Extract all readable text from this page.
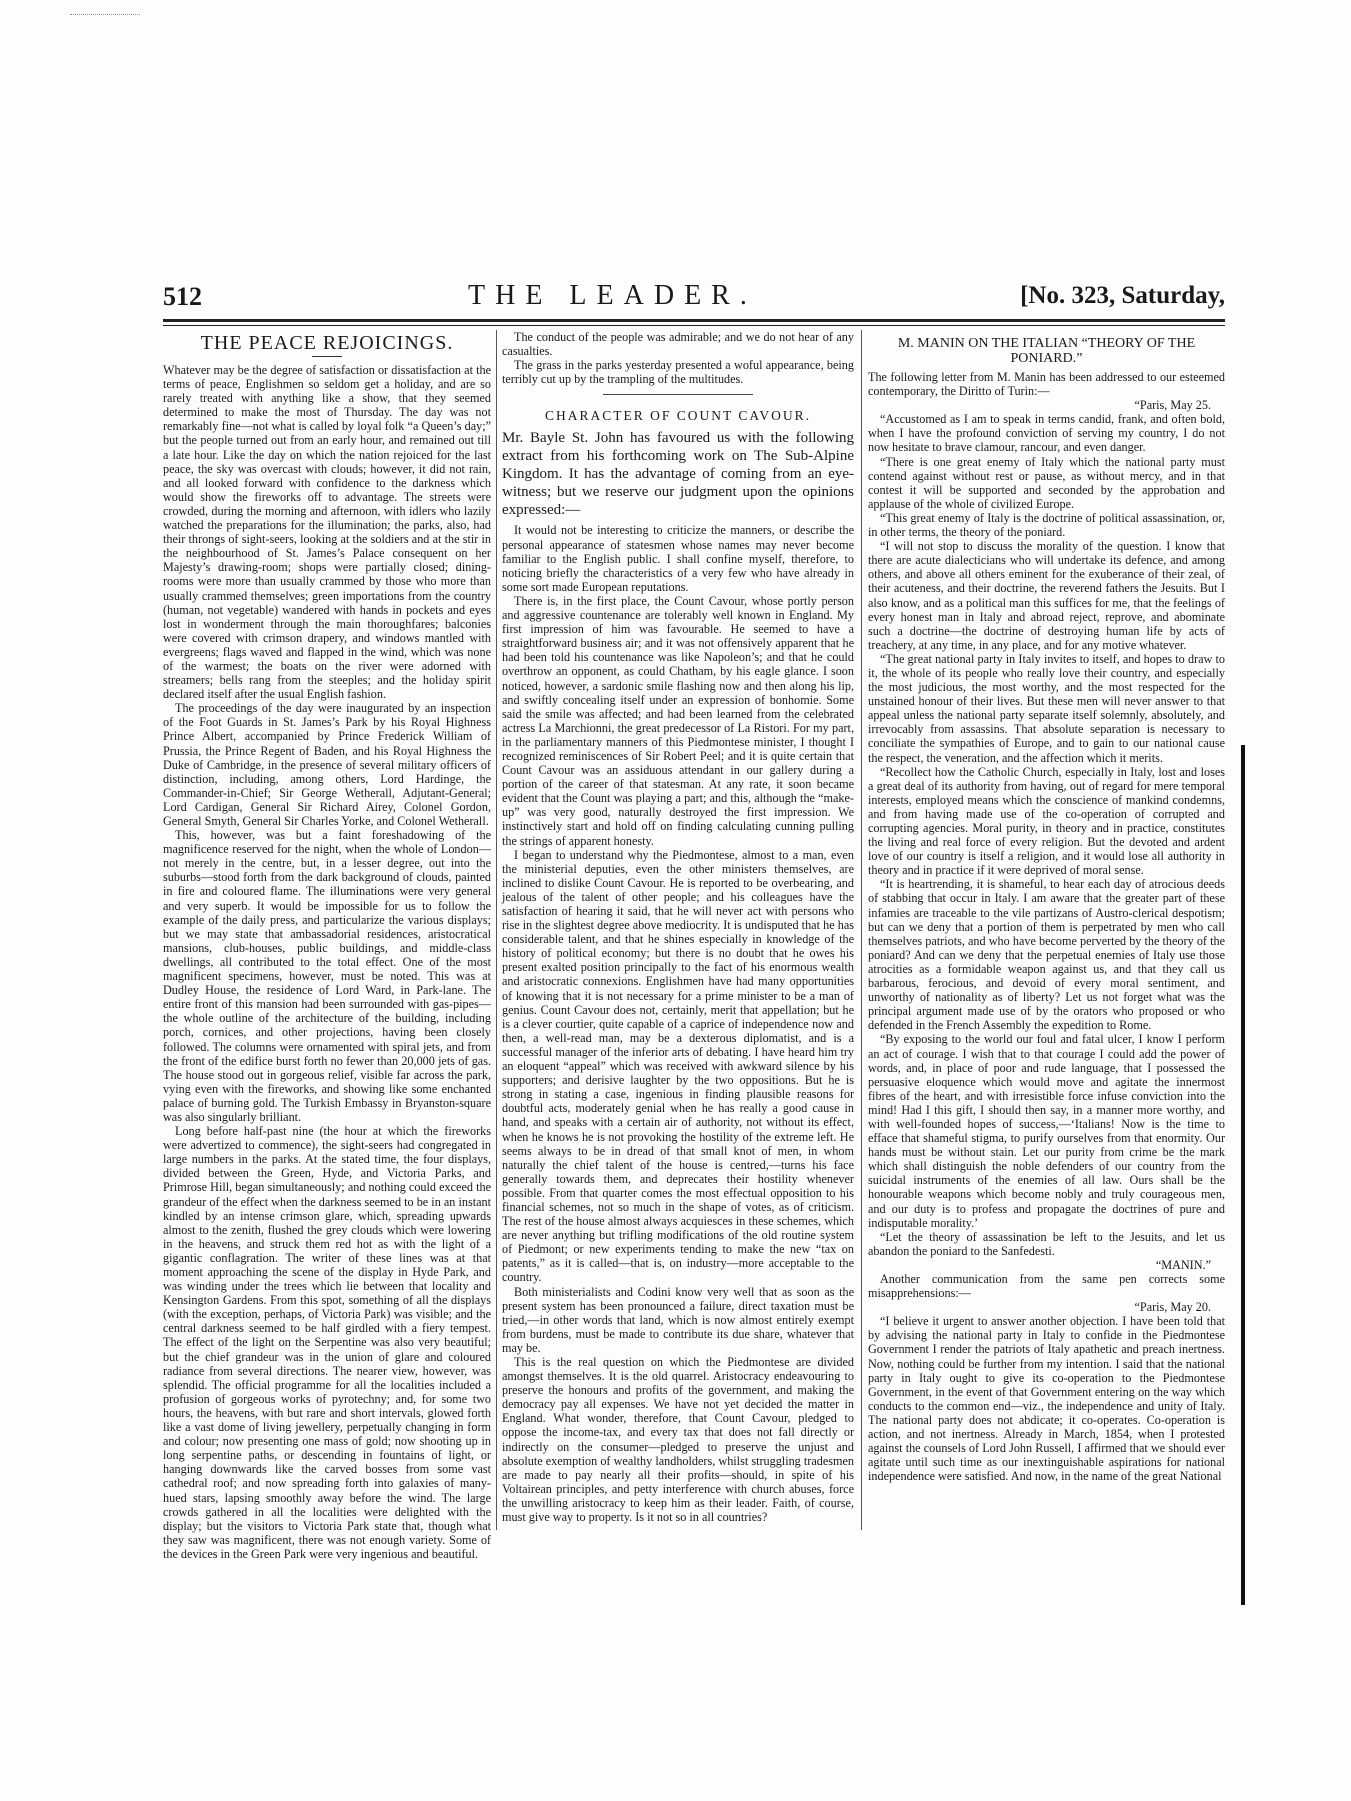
512	THE LEADER.	[No. 323, Saturday,
THE PEACE REJOICINGS.

Whatever may be the degree of satisfaction or dissatisfaction at the terms of peace, Englishmen so seldom get a holiday, and are so rarely treated with anything like a show, that they seemed determined to make the most of Thursday. The day was not remarkably fine—not what is called by loyal folk “a Queen’s day;” but the people turned out from an early hour, and remained out till a late hour. Like the day on which the nation rejoiced for the last peace, the sky was overcast with clouds; however, it did not rain, and all looked forward with confidence to the darkness which would show the fireworks off to advantage. The streets were crowded, during the morning and afternoon, with idlers who lazily watched the preparations for the illumination; the parks, also, had their throngs of sight-seers, looking at the soldiers and at the stir in the neighbourhood of St. James’s Palace consequent on her Majesty’s drawing-room; shops were partially closed; dining-rooms were more than usually crammed by those who more than usually crammed themselves; green importations from the country (human, not vegetable) wandered with hands in pockets and eyes lost in wonderment through the main thoroughfares; balconies were covered with crimson drapery, and windows mantled with evergreens; flags waved and flapped in the wind, which was none of the warmest; the boats on the river were adorned with streamers; bells rang from the steeples; and the holiday spirit declared itself after the usual English fashion.

The proceedings of the day were inaugurated by an inspection of the Foot Guards in St. James’s Park by his Royal Highness Prince Albert, accompanied by Prince Frederick William of Prussia, the Prince Regent of Baden, and his Royal Highness the Duke of Cambridge, in the presence of several military officers of distinction, including, among others, Lord Hardinge, the Commander-in-Chief; Sir George Wetherall, Adjutant-General; Lord Cardigan, General Sir Richard Airey, Colonel Gordon, General Smyth, General Sir Charles Yorke, and Colonel Wetherall.

This, however, was but a faint foreshadowing of the magnificence reserved for the night, when the whole of London—not merely in the centre, but, in a lesser degree, out into the suburbs—stood forth from the dark background of clouds, painted in fire and coloured flame. The illuminations were very general and very superb. It would be impossible for us to follow the example of the daily press, and particularize the various displays; but we may state that ambassadorial residences, aristocratical mansions, club-houses, public buildings, and middle-class dwellings, all contributed to the total effect. One of the most magnificent specimens, however, must be noted. This was at Dudley House, the residence of Lord Ward, in Park-lane. The entire front of this mansion had been surrounded with gas-pipes—the whole outline of the architecture of the building, including porch, cornices, and other projections, having been closely followed. The columns were ornamented with spiral jets, and from the front of the edifice burst forth no fewer than 20,000 jets of gas. The house stood out in gorgeous relief, visible far across the park, vying even with the fireworks, and showing like some enchanted palace of burning gold. The Turkish Embassy in Bryanston-square was also singularly brilliant.

Long before half-past nine (the hour at which the fireworks were advertized to commence), the sight-seers had congregated in large numbers in the parks. At the stated time, the four displays, divided between the Green, Hyde, and Victoria Parks, and Primrose Hill, began simultaneously; and nothing could exceed the grandeur of the effect when the darkness seemed to be in an instant kindled by an intense crimson glare, which, spreading upwards almost to the zenith, flushed the grey clouds which were lowering in the heavens, and struck them red hot as with the light of a gigantic conflagration. The writer of these lines was at that moment approaching the scene of the display in Hyde Park, and was winding under the trees which lie between that locality and Kensington Gardens. From this spot, something of all the displays (with the exception, perhaps, of Victoria Park) was visible; and the central darkness seemed to be half girdled with a fiery tempest. The effect of the light on the Serpentine was also very beautiful; but the chief grandeur was in the union of glare and coloured radiance from several directions. The nearer view, however, was splendid. The official programme for all the localities included a profusion of gorgeous works of pyrotechny; and, for some two hours, the heavens, with but rare and short intervals, glowed forth like a vast dome of living jewellery, perpetually changing in form and colour; now presenting one mass of gold; now shooting up in long serpentine paths, or descending in fountains of light, or hanging downwards like the carved bosses from some vast cathedral roof; and now spreading forth into galaxies of many-hued stars, lapsing smoothly away before the wind. The large crowds gathered in all the localities were delighted with the display; but the visitors to Victoria Park state that, though what they saw was magnificent, there was not enough variety. Some of the devices in the Green Park were very ingenious and beautiful.

The conduct of the people was admirable; and we do not hear of any casualties.

The grass in the parks yesterday presented a woful appearance, being terribly cut up by the trampling of the multitudes.

CHARACTER OF COUNT CAVOUR.

Mr. Bayle St. John has favoured us with the following extract from his forthcoming work on The Sub-Alpine Kingdom. It has the advantage of coming from an eye-witness; but we reserve our judgment upon the opinions expressed:—

It would not be interesting to criticize the manners, or describe the personal appearance of statesmen whose names may never become familiar to the English public. I shall confine myself, therefore, to noticing briefly the characteristics of a very few who have already in some sort made European reputations.

There is, in the first place, the Count Cavour, whose portly person and aggressive countenance are tolerably well known in England. My first impression of him was favourable. He seemed to have a straightforward business air; and it was not offensively apparent that he had been told his countenance was like Napoleon’s; and that he could overthrow an opponent, as could Chatham, by his eagle glance. I soon noticed, however, a sardonic smile flashing now and then along his lip, and swiftly concealing itself under an expression of bonhomie. Some said the smile was affected; and had been learned from the celebrated actress La Marchionni, the great predecessor of La Ristori. For my part, in the parliamentary manners of this Piedmontese minister, I thought I recognized reminiscences of Sir Robert Peel; and it is quite certain that Count Cavour was an assiduous attendant in our gallery during a portion of the career of that statesman. At any rate, it soon became evident that the Count was playing a part; and this, although the “make-up” was very good, naturally destroyed the first impression. We instinctively start and hold off on finding calculating cunning pulling the strings of apparent honesty.

I began to understand why the Piedmontese, almost to a man, even the ministerial deputies, even the other ministers themselves, are inclined to dislike Count Cavour. He is reported to be overbearing, and jealous of the talent of other people; and his colleagues have the satisfaction of hearing it said, that he will never act with persons who rise in the slightest degree above mediocrity. It is undisputed that he has considerable talent, and that he shines especially in knowledge of the history of political economy; but there is no doubt that he owes his present exalted position principally to the fact of his enormous wealth and aristocratic connexions. Englishmen have had many opportunities of knowing that it is not necessary for a prime minister to be a man of genius. Count Cavour does not, certainly, merit that appellation; but he is a clever courtier, quite capable of a caprice of independence now and then, a well-read man, may be a dexterous diplomatist, and is a successful manager of the inferior arts of debating. I have heard him try an eloquent “appeal” which was received with awkward silence by his supporters; and derisive laughter by the two oppositions. But he is strong in stating a case, ingenious in finding plausible reasons for doubtful acts, moderately genial when he has really a good cause in hand, and speaks with a certain air of authority, not without its effect, when he knows he is not provoking the hostility of the extreme left. He seems always to be in dread of that small knot of men, in whom naturally the chief talent of the house is centred,—turns his face generally towards them, and deprecates their hostility whenever possible. From that quarter comes the most effectual opposition to his financial schemes, not so much in the shape of votes, as of criticism. The rest of the house almost always acquiesces in these schemes, which are never anything but trifling modifications of the old routine system of Piedmont; or new experiments tending to make the new “tax on patents,” as it is called—that is, on industry—more acceptable to the country.

Both ministerialists and Codini know very well that as soon as the present system has been pronounced a failure, direct taxation must be tried,—in other words that land, which is now almost entirely exempt from burdens, must be made to contribute its due share, whatever that may be.

This is the real question on which the Piedmontese are divided amongst themselves. It is the old quarrel. Aristocracy endeavouring to preserve the honours and profits of the government, and making the democracy pay all expenses. We have not yet decided the matter in England. What wonder, therefore, that Count Cavour, pledged to oppose the income-tax, and every tax that does not fall directly or indirectly on the consumer—pledged to preserve the unjust and absolute exemption of wealthy landholders, whilst struggling tradesmen are made to pay nearly all their profits—should, in spite of his Voltairean principles, and petty interference with church abuses, force the unwilling aristocracy to keep him as their leader. Faith, of course, must give way to property. Is it not so in all countries?

M. MANIN ON THE ITALIAN “THEORY OF THE PONIARD.”

The following letter from M. Manin has been addressed to our esteemed contemporary, the Diritto of Turin:—

“Paris, May 25.

“Accustomed as I am to speak in terms candid, frank, and often bold, when I have the profound conviction of serving my country, I do not now hesitate to brave clamour, rancour, and even danger.

“There is one great enemy of Italy which the national party must contend against without rest or pause, as without mercy, and in that contest it will be supported and seconded by the approbation and applause of the whole of civilized Europe.

“This great enemy of Italy is the doctrine of political assassination, or, in other terms, the theory of the poniard.

“I will not stop to discuss the morality of the question. I know that there are acute dialecticians who will undertake its defence, and among others, and above all others eminent for the exuberance of their zeal, of their acuteness, and their doctrine, the reverend fathers the Jesuits. But I also know, and as a political man this suffices for me, that the feelings of every honest man in Italy and abroad reject, reprove, and abominate such a doctrine—the doctrine of destroying human life by acts of treachery, at any time, in any place, and for any motive whatever.

“The great national party in Italy invites to itself, and hopes to draw to it, the whole of its people who really love their country, and especially the most judicious, the most worthy, and the most respected for the unstained honour of their lives. But these men will never answer to that appeal unless the national party separate itself solemnly, absolutely, and irrevocably from assassins. That absolute separation is necessary to conciliate the sympathies of Europe, and to gain to our national cause the respect, the veneration, and the affection which it merits.

“Recollect how the Catholic Church, especially in Italy, lost and loses a great deal of its authority from having, out of regard for mere temporal interests, employed means which the conscience of mankind condemns, and from having made use of the co-operation of corrupted and corrupting agencies. Moral purity, in theory and in practice, constitutes the living and real force of every religion. But the devoted and ardent love of our country is itself a religion, and it would lose all authority in theory and in practice if it were deprived of moral sense.

“It is heartrending, it is shameful, to hear each day of atrocious deeds of stabbing that occur in Italy. I am aware that the greater part of these infamies are traceable to the vile partizans of Austro-clerical despotism; but can we deny that a portion of them is perpetrated by men who call themselves patriots, and who have become perverted by the theory of the poniard? And can we deny that the perpetual enemies of Italy use those atrocities as a formidable weapon against us, and that they call us barbarous, ferocious, and devoid of every moral sentiment, and unworthy of nationality as of liberty? Let us not forget what was the principal argument made use of by the orators who proposed or who defended in the French Assembly the expedition to Rome.

“By exposing to the world our foul and fatal ulcer, I know I perform an act of courage. I wish that to that courage I could add the power of words, and, in place of poor and rude language, that I possessed the persuasive eloquence which would move and agitate the innermost fibres of the heart, and with irresistible force infuse conviction into the mind! Had I this gift, I should then say, in a manner more worthy, and with well-founded hopes of success,—‘Italians! Now is the time to efface that shameful stigma, to purify ourselves from that enormity. Our hands must be without stain. Let our purity from crime be the mark which shall distinguish the noble defenders of our country from the suicidal instruments of the enemies of all law. Ours shall be the honourable weapons which become nobly and truly courageous men, and our duty is to profess and propagate the doctrines of pure and indisputable morality.’

“Let the theory of assassination be left to the Jesuits, and let us abandon the poniard to the Sanfedesti.

“MANIN.”

Another communication from the same pen corrects some misapprehensions:—

“Paris, May 20.

“I believe it urgent to answer another objection. I have been told that by advising the national party in Italy to confide in the Piedmontese Government I render the patriots of Italy apathetic and preach inertness. Now, nothing could be further from my intention. I said that the national party in Italy ought to give its co-operation to the Piedmontese Government, in the event of that Government entering on the way which conducts to the common end—viz., the independence and unity of Italy. The national party does not abdicate; it co-operates. Co-operation is action, and not inertness. Already in March, 1854, when I protested against the counsels of Lord John Russell, I affirmed that we should ever agitate until such time as our inextinguishable aspirations for national independence were satisfied. And now, in the name of the great National
